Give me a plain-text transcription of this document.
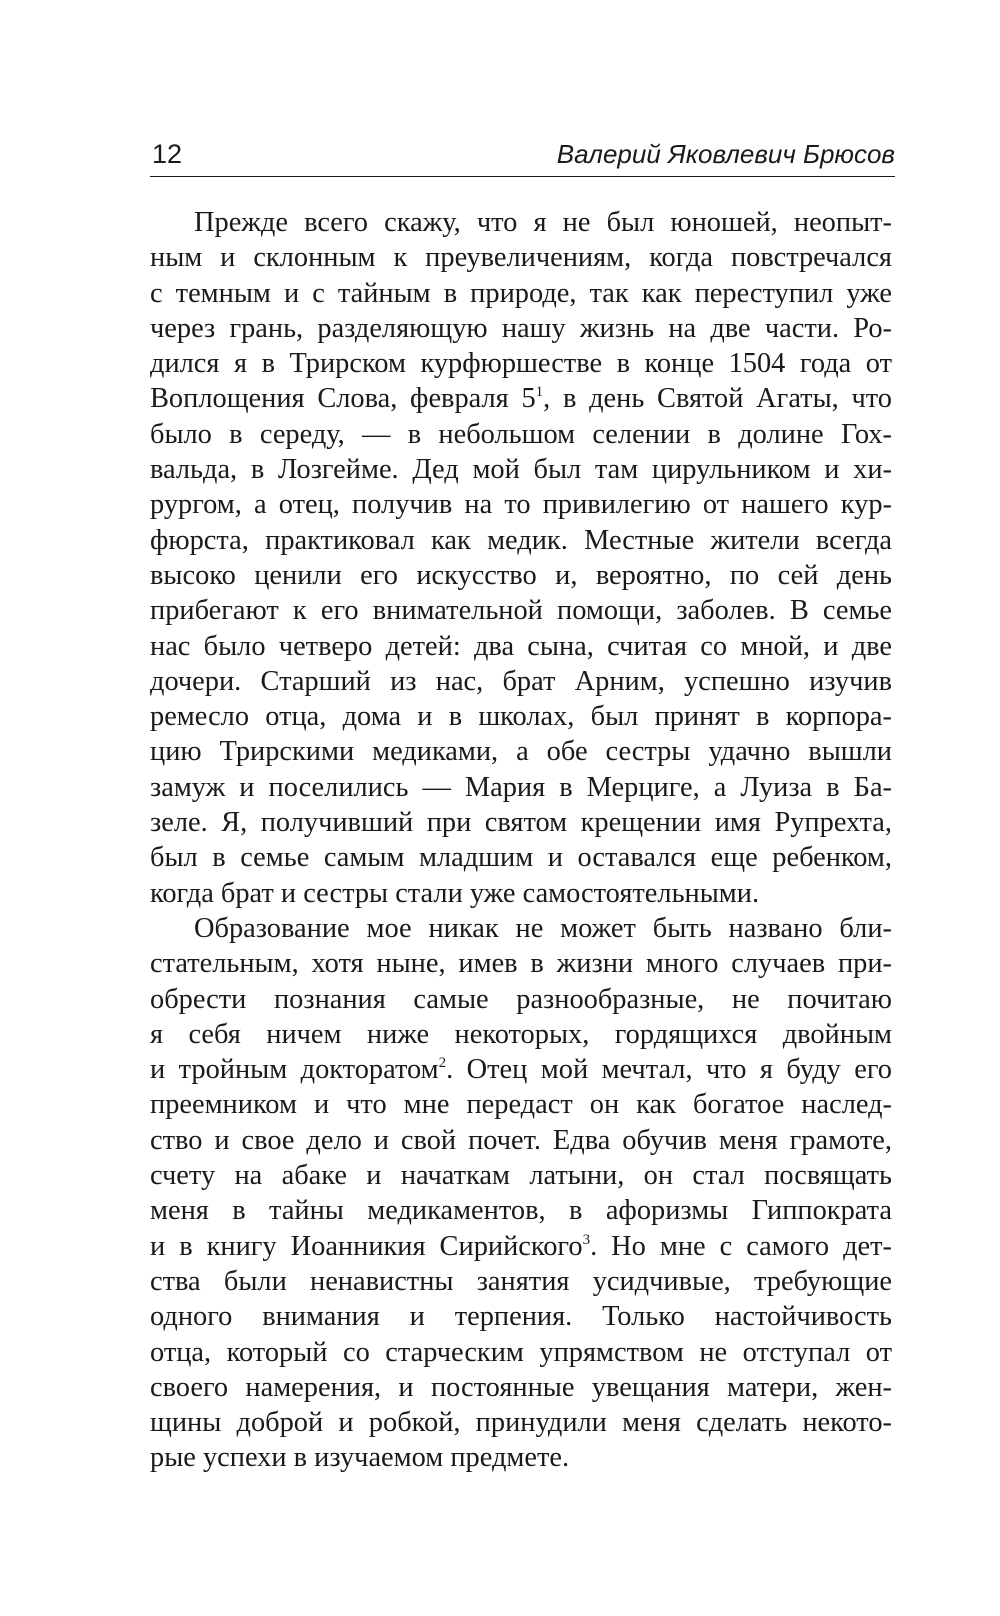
12	Валерий Яковлевич Брюсов
Прежде всего скажу, что я не был юношей, неопыт-
ным и склонным к преувеличениям, когда повстречался
с темным и с тайным в природе, так как переступил уже
через грань, разделяющую нашу жизнь на две части. Ро-
дился я в Трирском курфюршестве в конце 1504 года от
Воплощения Слова, февраля $5^1$, в день Святой Агаты, что
было в середу, — в небольшом селении в долине Гох-
вальда, в Лозгейме. Дед мой был там цирульником и хи-
рургом, а отец, получив на то привилегию от нашего кур-
фюрста, практиковал как медик. Местные жители всегда
высоко ценили его искусство и, вероятно, по сей день
прибегают к его внимательной помощи, заболев. В семье
нас было четверо детей: два сына, считая со мной, и две
дочери. Старший из нас, брат Арним, успешно изучив
ремесло отца, дома и в школах, был принят в корпора-
цию Трирскими медиками, а обе сестры удачно вышли
замуж и поселились — Мария в Мерциге, а Луиза в Ба-
зеле. Я, получивший при святом крещении имя Рупрехта,
был в семье самым младшим и оставался еще ребенком,
когда брат и сестры стали уже самостоятельными.
Образование мое никак не может быть названо бли-
стательным, хотя ныне, имев в жизни много случаев при-
обрести познания самые разнообразные, не почитаю
я себя ничем ниже некоторых, гордящихся двойным
и тройным докторатом$^2$. Отец мой мечтал, что я буду его
преемником и что мне передаст он как богатое наслед-
ство и свое дело и свой почет. Едва обучив меня грамоте,
счету на абаке и начаткам латыни, он стал посвящать
меня в тайны медикаментов, в афоризмы Гиппократа
и в книгу Иоанникия Сирийского$^3$. Но мне с самого дет-
ства были ненавистны занятия усидчивые, требующие
одного внимания и терпения. Только настойчивость
отца, который со старческим упрямством не отступал от
своего намерения, и постоянные увещания матери, жен-
щины доброй и робкой, принудили меня сделать некото-
рые успехи в изучаемом предмете.
